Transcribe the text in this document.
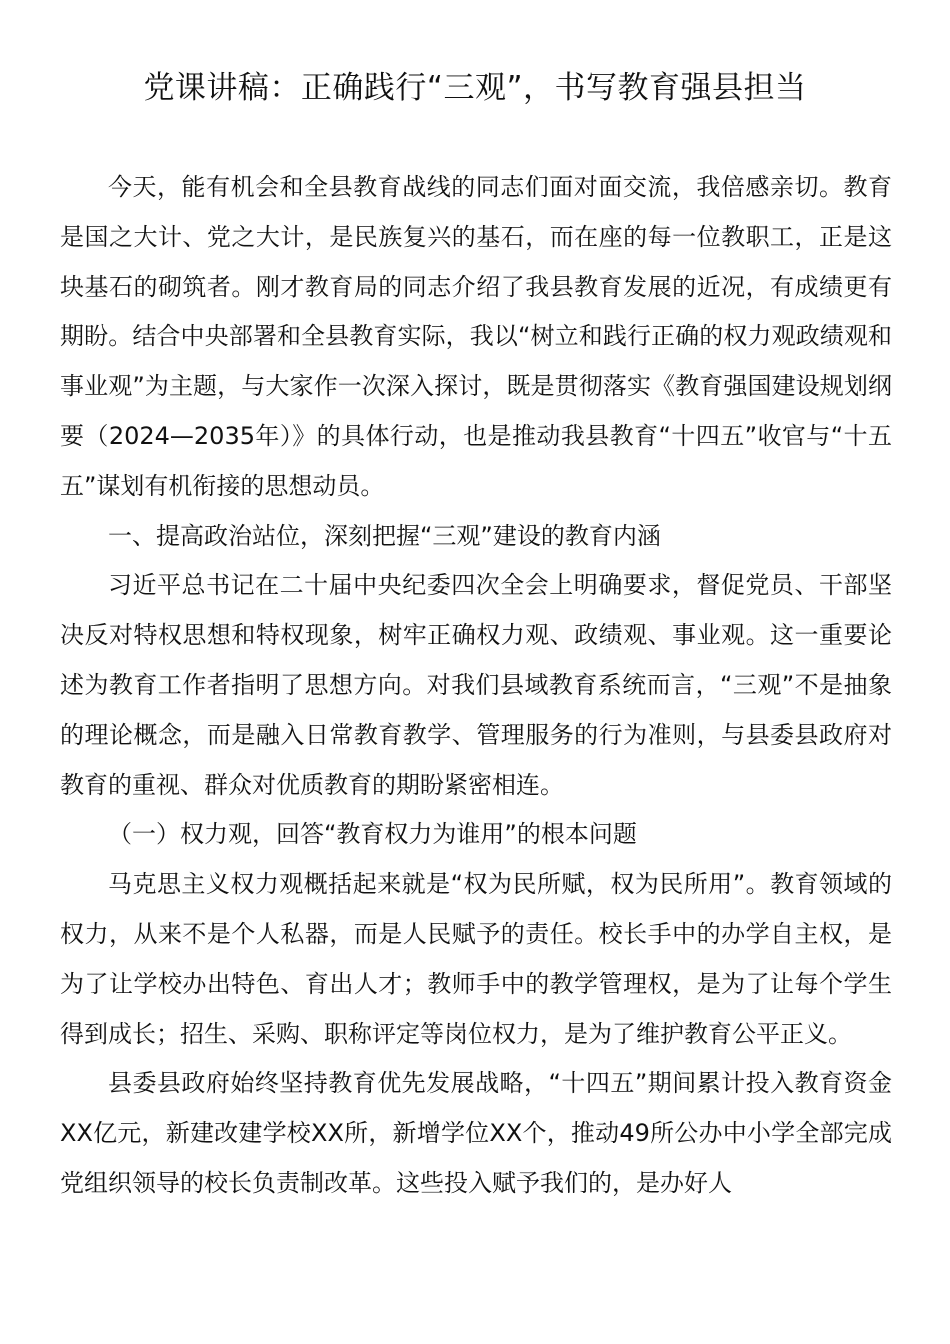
党课讲稿：正确践行“三观”，书写教育强县担当

今天，能有机会和全县教育战线的同志们面对面交流，我倍感亲切。教育是国之大计、党之大计，是民族复兴的基石，而在座的每一位教职工，正是这块基石的砌筑者。刚才教育局的同志介绍了我县教育发展的近况，有成绩更有期盼。结合中央部署和全县教育实际，我以“树立和践行正确的权力观政绩观和事业观”为主题，与大家作一次深入探讨，既是贯彻落实《教育强国建设规划纲要（2024—2035年）》的具体行动，也是推动我县教育“十四五”收官与“十五五”谋划有机衔接的思想动员。

一、提高政治站位，深刻把握“三观”建设的教育内涵

习近平总书记在二十届中央纪委四次全会上明确要求，督促党员、干部坚决反对特权思想和特权现象，树牢正确权力观、政绩观、事业观。这一重要论述为教育工作者指明了思想方向。对我们县域教育系统而言，“三观”不是抽象的理论概念，而是融入日常教育教学、管理服务的行为准则，与县委县政府对教育的重视、群众对优质教育的期盼紧密相连。

（一）权力观，回答“教育权力为谁用”的根本问题

马克思主义权力观概括起来就是“权为民所赋，权为民所用”。教育领域的权力，从来不是个人私器，而是人民赋予的责任。校长手中的办学自主权，是为了让学校办出特色、育出人才；教师手中的教学管理权，是为了让每个学生得到成长；招生、采购、职称评定等岗位权力，是为了维护教育公平正义。

县委县政府始终坚持教育优先发展战略，“十四五”期间累计投入教育资金XX亿元，新建改建学校XX所，新增学位XX个，推动49所公办中小学全部完成党组织领导的校长负责制改革。这些投入赋予我们的，是办好人
